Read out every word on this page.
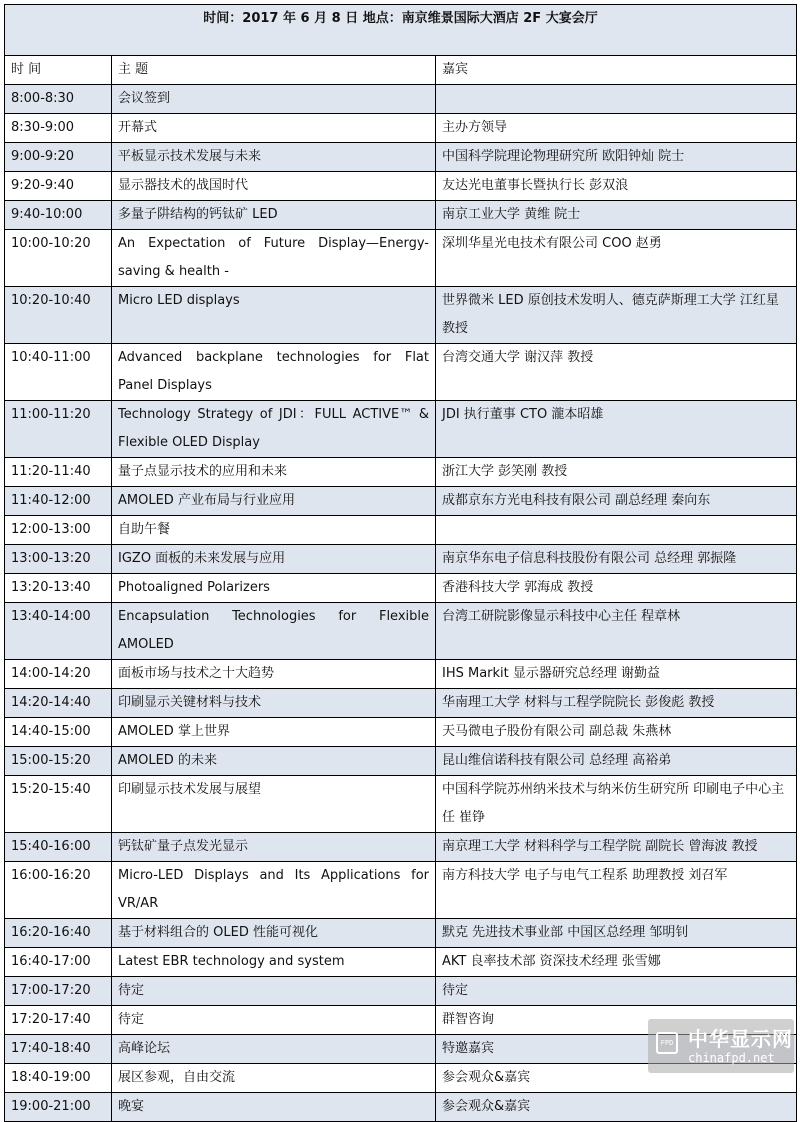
时间：2017 年 6 月 8 日 地点：南京维景国际大酒店 2F 大宴会厅		
时 间	主 题	嘉宾
8:00-8:30	会议签到	
8:30-9:00	开幕式	主办方领导
9:00-9:20	平板显示技术发展与未来	中国科学院理论物理研究所 欧阳钟灿 院士
9:20-9:40	显示器技术的战国时代	友达光电董事长暨执行长 彭双浪
9:40-10:00	多量子阱结构的钙钛矿 LED	南京工业大学 黄维 院士
10:00-10:20	An Expectation of Future Display—Energy-saving & health -	深圳华星光电技术有限公司 COO 赵勇
10:20-10:40	Micro LED displays	世界微米 LED 原创技术发明人、德克萨斯理工大学 江红星 教授
10:40-11:00	Advanced backplane technologies for Flat Panel Displays	台湾交通大学 谢汉萍 教授
11:00-11:20	Technology Strategy of JDI：FULL ACTIVE™ & Flexible OLED Display	JDI 执行董事 CTO 瀧本昭雄
11:20-11:40	量子点显示技术的应用和未来	浙江大学 彭笑刚 教授
11:40-12:00	AMOLED 产业布局与行业应用	成都京东方光电科技有限公司 副总经理 秦向东
12:00-13:00	自助午餐	
13:00-13:20	IGZO 面板的未来发展与应用	南京华东电子信息科技股份有限公司 总经理 郭振隆
13:20-13:40	Photoaligned Polarizers	香港科技大学 郭海成 教授
13:40-14:00	Encapsulation Technologies for Flexible AMOLED	台湾工研院影像显示科技中心主任 程章林
14:00-14:20	面板市场与技术之十大趋势	IHS Markit 显示器研究总经理 谢勤益
14:20-14:40	印刷显示关键材料与技术	华南理工大学 材料与工程学院院长 彭俊彪 教授
14:40-15:00	AMOLED 掌上世界	天马微电子股份有限公司 副总裁 朱燕林
15:00-15:20	AMOLED 的未来	昆山维信诺科技有限公司 总经理 高裕弟
15:20-15:40	印刷显示技术发展与展望	中国科学院苏州纳米技术与纳米仿生研究所 印刷电子中心主任 崔铮
15:40-16:00	钙钛矿量子点发光显示	南京理工大学 材料科学与工程学院 副院长 曾海波 教授
16:00-16:20	Micro-LED Displays and Its Applications for VR/AR	南方科技大学 电子与电气工程系 助理教授 刘召军
16:20-16:40	基于材料组合的 OLED 性能可视化	默克 先进技术事业部 中国区总经理 邹明钊
16:40-17:00	Latest EBR technology and system	AKT 良率技术部 资深技术经理 张雪娜
17:00-17:20	待定	待定
17:20-17:40	待定	群智咨询
17:40-18:40	高峰论坛	特邀嘉宾
18:40-19:00	展区参观，自由交流	参会观众&嘉宾
19:00-21:00	晚宴	参会观众&嘉宾
FPD 中华显示网
chinafpd.net
